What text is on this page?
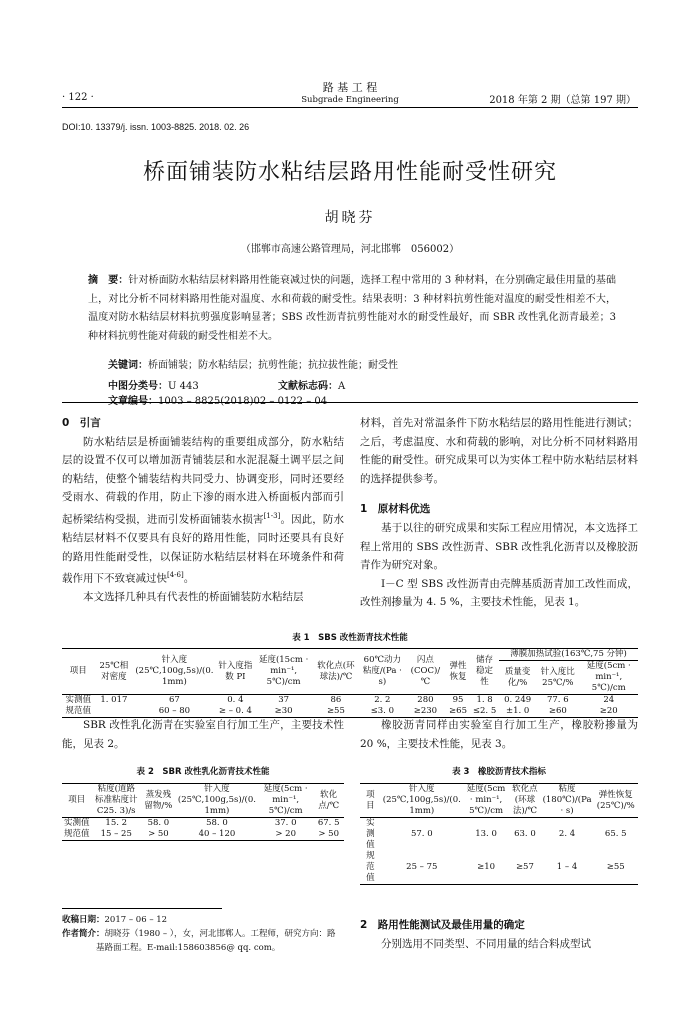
路 基 工 程
Subgrade Engineering
· 122 ·	2018 年第 2 期（总第 197 期）
DOI:10. 13379/j. issn. 1003-8825. 2018. 02. 26
桥面铺装防水粘结层路用性能耐受性研究
胡晓芬
（邯郸市高速公路管理局，河北邯郸　056002）
摘　要：针对桥面防水粘结层材料路用性能衰减过快的问题，选择工程中常用的 3 种材料，在分别确定最佳用量的基础上，对比分析不同材料路用性能对温度、水和荷载的耐受性。结果表明：3 种材料抗剪性能对温度的耐受性相差不大，温度对防水粘结层材料抗剪强度影响显著；SBS 改性沥青抗剪性能对水的耐受性最好，而 SBR 改性乳化沥青最差；3 种材料抗剪性能对荷载的耐受性相差不大。
关键词：桥面铺装；防水粘结层；抗剪性能；抗拉拔性能；耐受性
中图分类号：U 443	文献标志码：A文章编号：1003 – 8825(2018)02 – 0122 – 04
0　引言

防水粘结层是桥面铺装结构的重要组成部分，防水粘结层的设置不仅可以增加沥青铺装层和水泥混凝土调平层之间的粘结，使整个铺装结构共同受力、协调变形，同时还要经受雨水、荷载的作用，防止下渗的雨水进入桥面板内部而引起桥梁结构受损，进而引发桥面铺装水损害[1-3]。因此，防水粘结层材料不仅要具有良好的路用性能，同时还要具有良好的路用性能耐受性，以保证防水粘结层材料在环境条件和荷载作用下不致衰减过快[4-6]。

本文选择几种具有代表性的桥面铺装防水粘结层

材料，首先对常温条件下防水粘结层的路用性能进行测试；之后，考虑温度、水和荷载的影响，对比分析不同材料路用性能的耐受性。研究成果可以为实体工程中防水粘结层材料的选择提供参考。
1　原材料优选

基于以往的研究成果和实际工程应用情况，本文选择工程上常用的 SBS 改性沥青、SBR 改性乳化沥青以及橡胶沥青作为研究对象。

I－C 型 SBS 改性沥青由壳牌基质沥青加工改性而成，改性剂掺量为 4. 5 %，主要技术性能，见表 1。

表 1　SBS 改性沥青技术性能
项目	25℃相对密度	针入度(25℃,100g,5s)/(0. 1mm)	针入度指数 PI	延度(15cm · min⁻¹, 5℃)/cm	软化点(环球法)/℃	60℃动力粘度/(Pa · s)	闪点(COC)/℃	弹性恢复	储存稳定性	薄膜加热试验(163℃,75 分钟)		
										质量变化/%	针入度比 25℃/%	延度(5cm · min⁻¹, 5℃)/cm
实测值	1. 017	67	0. 4	37	86	2. 2	280	95	1. 8	0. 249	77. 6	24
规范值		60 – 80	≥ – 0. 4	≥30	≥55	≤3. 0	≥230	≥65	≤2. 5	±1. 0	≥60	≥20

SBR 改性乳化沥青在实验室自行加工生产，主要技术性能，见表 2。

橡胶沥青同样由实验室自行加工生产，橡胶粉掺量为 20 %，主要技术性能，见表 3。

表 2　SBR 改性乳化沥青技术性能
项目	粘度(道路标准粘度计 C25. 3)/s	蒸发残留物/%	针入度(25℃,100g,5s)/(0. 1mm)	延度(5cm · min⁻¹, 5℃)/cm	软化点/℃
实测值	15. 2	58. 0	58. 0	37. 0	67. 5
规范值	15 – 25	> 50	40 – 120	> 20	> 50
表 3　橡胶沥青技术指标
项目	针入度(25℃,100g,5s)/(0. 1mm)	延度(5cm · min⁻¹, 5℃)/cm	软化点(环球法)/℃	粘度(180℃)/(Pa · s)	弹性恢复(25℃)/%
实测值	57. 0	13. 0	63. 0	2. 4	65. 5
规范值	25 – 75	≥10	≥57	1 – 4	≥55
收稿日期：2017 – 06 – 12
作者简介：胡晓芬（1980 – ），女，河北邯郸人。工程师，研究方向：路基路面工程。E-mail:158603856@ qq. com。
2　路用性能测试及最佳用量的确定

分别选用不同类型、不同用量的结合料成型试
